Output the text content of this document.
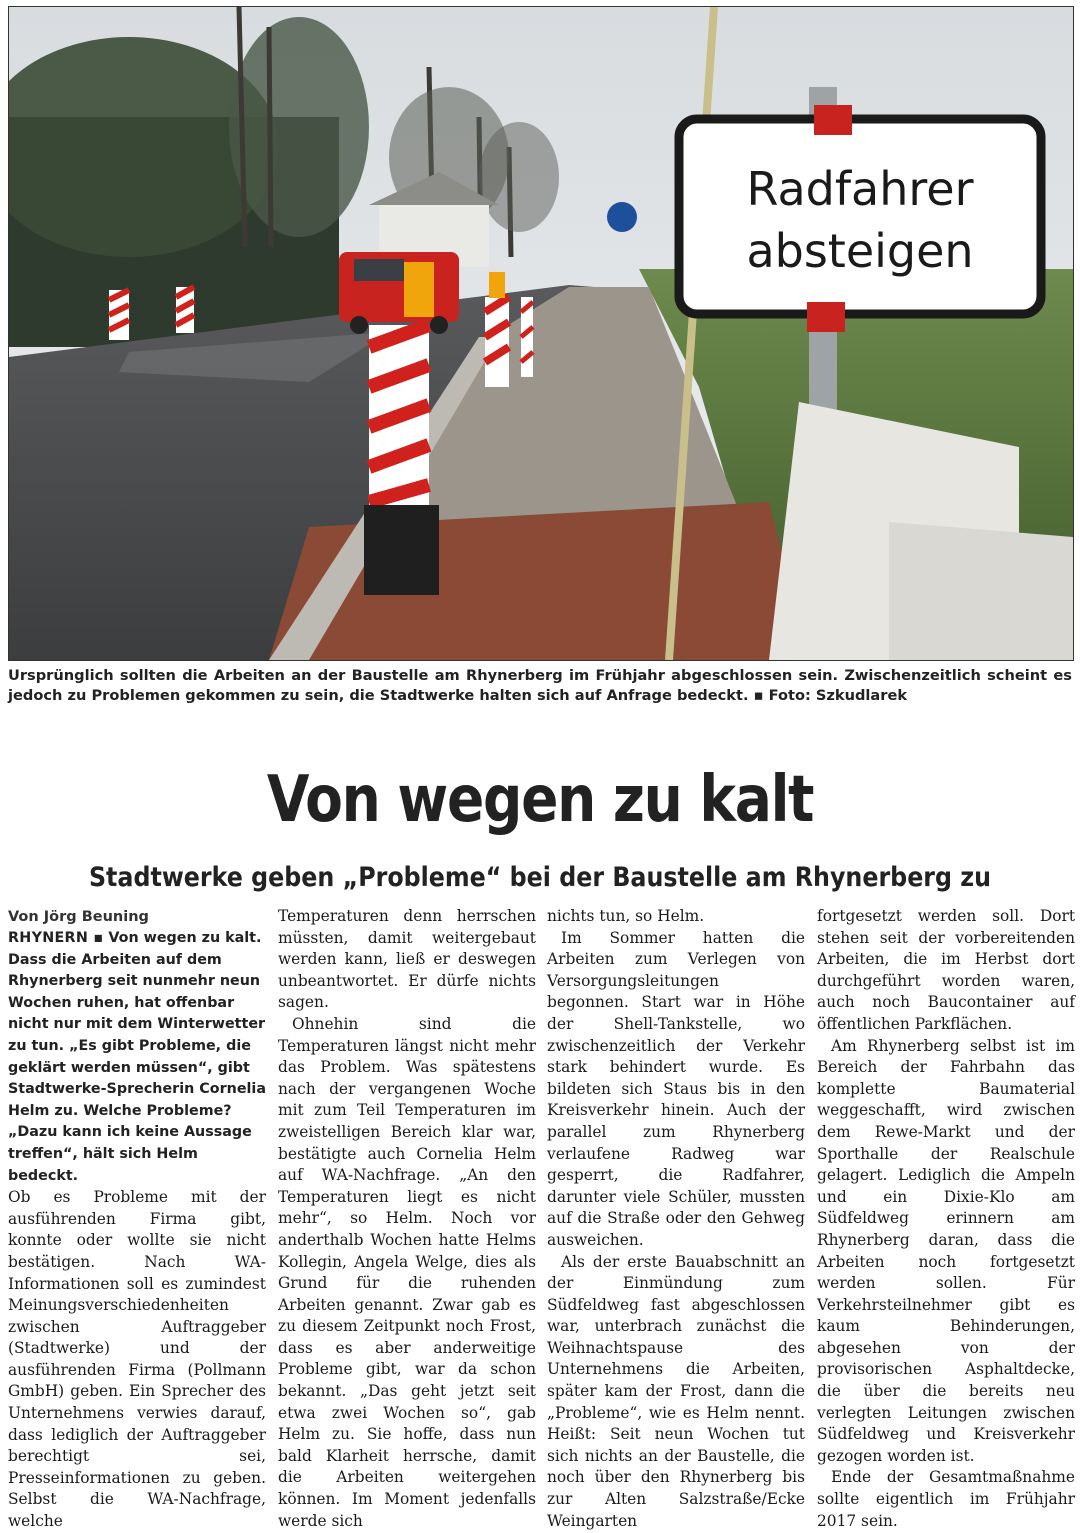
Radfahrer
absteigen
Ursprünglich sollten die Arbeiten an der Baustelle am Rhynerberg im Frühjahr abgeschlossen sein. Zwischenzeitlich scheint es jedoch zu Problemen gekommen zu sein, die Stadtwerke halten sich auf Anfrage bedeckt. ▪ Foto: Szkudlarek
Von wegen zu kalt
Stadtwerke geben „Probleme“ bei der Baustelle am Rhynerberg zu

Von Jörg Beuning

RHYNERN ▪ Von wegen zu kalt. Dass die Arbeiten auf dem Rhynerberg seit nunmehr neun Wochen ruhen, hat offenbar nicht nur mit dem Winterwetter zu tun. „Es gibt Probleme, die geklärt werden müssen“, gibt Stadtwerke-Sprecherin Cornelia Helm zu. Welche Probleme? „Dazu kann ich keine Aussage treffen“, hält sich Helm bedeckt.

Ob es Probleme mit der ausführenden Firma gibt, konnte oder wollte sie nicht bestätigen. Nach WA-Informationen soll es zumindest Meinungsverschiedenheiten zwischen Auftraggeber (Stadtwerke) und der ausführenden Firma (Pollmann GmbH) geben. Ein Sprecher des Unternehmens verwies darauf, dass lediglich der Auftraggeber berechtigt sei, Presseinformationen zu geben. Selbst die WA-Nachfrage, welche

Temperaturen denn herrschen müssten, damit weitergebaut werden kann, ließ er deswegen unbeantwortet. Er dürfe nichts sagen.

Ohnehin sind die Temperaturen längst nicht mehr das Problem. Was spätestens nach der vergangenen Woche mit zum Teil Temperaturen im zweistelligen Bereich klar war, bestätigte auch Cornelia Helm auf WA-Nachfrage. „An den Temperaturen liegt es nicht mehr“, so Helm. Noch vor anderthalb Wochen hatte Helms Kollegin, Angela Welge, dies als Grund für die ruhenden Arbeiten genannt. Zwar gab es zu diesem Zeitpunkt noch Frost, dass es aber anderweitige Probleme gibt, war da schon bekannt. „Das geht jetzt seit etwa zwei Wochen so“, gab Helm zu. Sie hoffe, dass nun bald Klarheit herrsche, damit die Arbeiten weitergehen können. Im Moment jedenfalls werde sich

nichts tun, so Helm.

Im Sommer hatten die Arbeiten zum Verlegen von Versorgungsleitungen begonnen. Start war in Höhe der Shell-Tankstelle, wo zwischenzeitlich der Verkehr stark behindert wurde. Es bildeten sich Staus bis in den Kreisverkehr hinein. Auch der parallel zum Rhynerberg verlaufene Radweg war gesperrt, die Radfahrer, darunter viele Schüler, mussten auf die Straße oder den Gehweg ausweichen.

Als der erste Bauabschnitt an der Einmündung zum Südfeldweg fast abgeschlossen war, unterbrach zunächst die Weihnachtspause des Unternehmens die Arbeiten, später kam der Frost, dann die „Probleme“, wie es Helm nennt. Heißt: Seit neun Wochen tut sich nichts an der Baustelle, die noch über den Rhynerberg bis zur Alten Salzstraße/Ecke Weingarten

fortgesetzt werden soll. Dort stehen seit der vorbereitenden Arbeiten, die im Herbst dort durchgeführt worden waren, auch noch Baucontainer auf öffentlichen Parkflächen.

Am Rhynerberg selbst ist im Bereich der Fahrbahn das komplette Baumaterial weggeschafft, wird zwischen dem Rewe-Markt und der Sporthalle der Realschule gelagert. Lediglich die Ampeln und ein Dixie-Klo am Südfeldweg erinnern am Rhynerberg daran, dass die Arbeiten noch fortgesetzt werden sollen. Für Verkehrsteilnehmer gibt es kaum Behinderungen, abgesehen von der provisorischen Asphaltdecke, die über die bereits neu verlegten Leitungen zwischen Südfeldweg und Kreisverkehr gezogen worden ist.

Ende der Gesamtmaßnahme sollte eigentlich im Frühjahr 2017 sein.
